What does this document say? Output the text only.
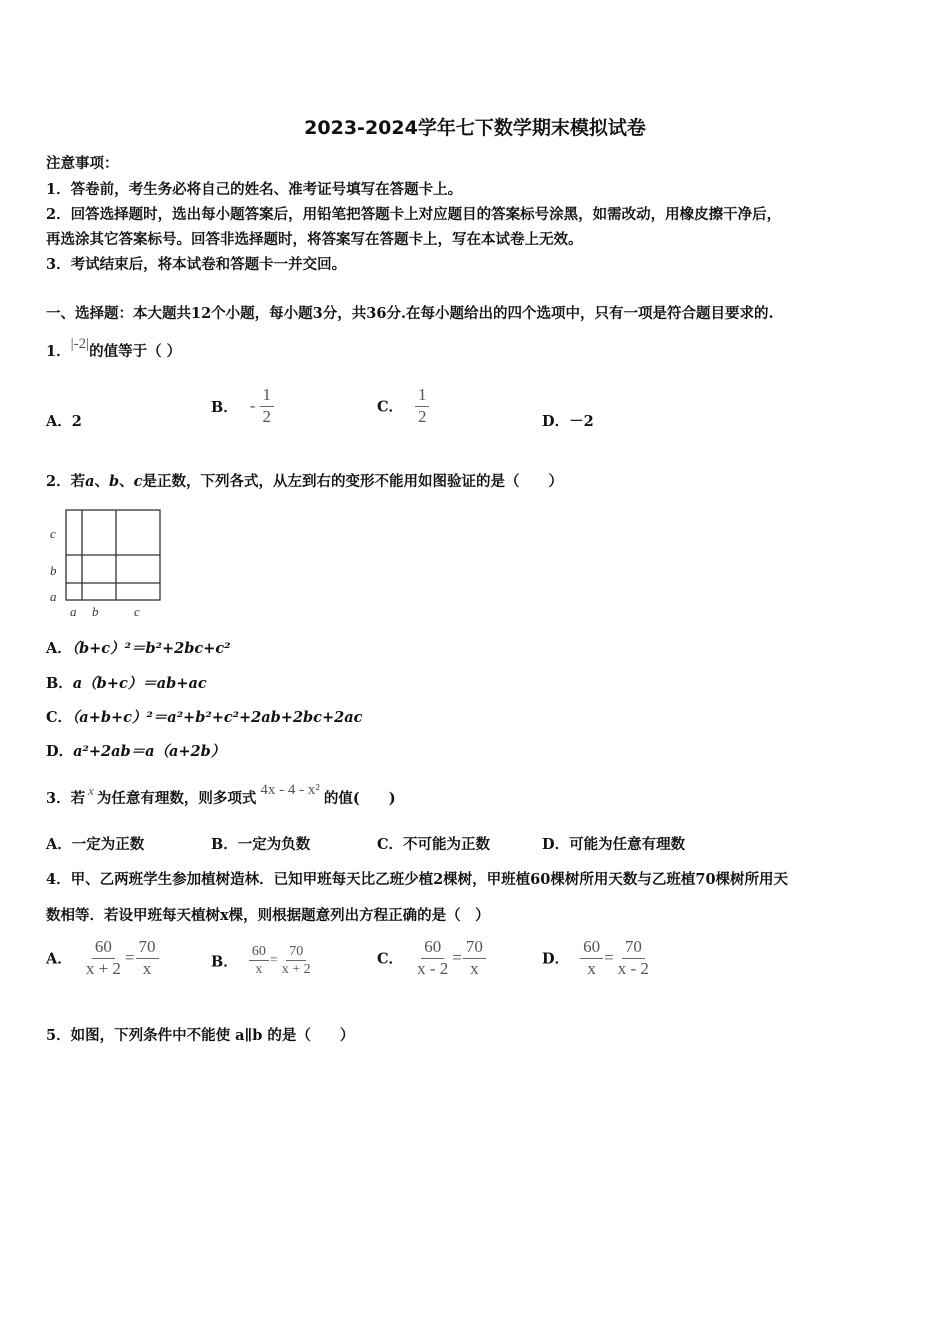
2023-2024学年七下数学期末模拟试卷
注意事项：
1．答卷前，考生务必将自己的姓名、准考证号填写在答题卡上。
2．回答选择题时，选出每小题答案后，用铅笔把答题卡上对应题目的答案标号涂黑，如需改动，用橡皮擦干净后，
再选涂其它答案标号。回答非选择题时，将答案写在答题卡上，写在本试卷上无效。
3．考试结束后，将本试卷和答题卡一并交回。
一、选择题：本大题共12个小题，每小题3分，共36分.在每小题给出的四个选项中，只有一项是符合题目要求的.
1．|-2|的值等于（ ）
A．2
B． - $\frac{1}{2}$	C． $\frac{1}{2}$	D．－2
2．若a、b、c是正数，下列各式，从左到右的变形不能用如图验证的是（　　）
c
b
a
a b	c
A．（b+c）²＝b²+2bc+c²
B．a（b+c）＝ab+ac
C．（a+b+c）²＝a²+b²+c²+2ab+2bc+2ac
D．a²+2ab＝a（a+2b）
3．若 x 为任意有理数，则多项式 4x - 4 - x² 的值(　　)
A．一定为正数	B．一定为负数	C．不可能为正数	D．可能为任意有理数
4．甲、乙两班学生参加植树造林．已知甲班每天比乙班少植2棵树，甲班植60棵树所用天数与乙班植70棵树所用天
数相等．若设甲班每天植树x棵，则根据题意列出方程正确的是（　）
A． $\frac{60}{x + 2} = \frac{70}{x}$	B． $\frac{60}{x} = \frac{70}{x + 2}$	C． $\frac{60}{x - 2} = \frac{70}{x}$	D． $\frac{60}{x} = \frac{70}{x - 2}$
5．如图，下列条件中不能使 a∥b 的是（　　）
